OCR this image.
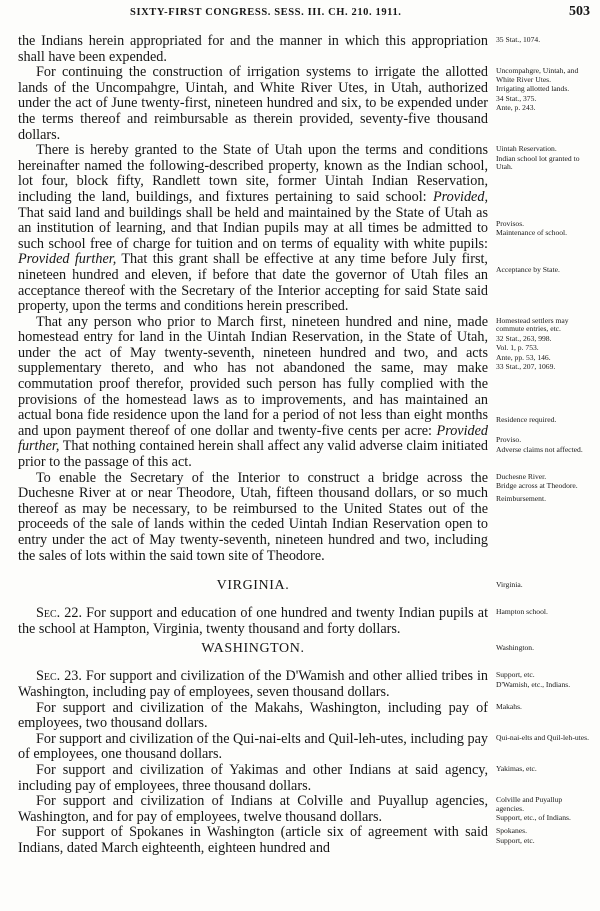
SIXTY-FIRST CONGRESS. SESS. III. CH. 210. 1911.	503

the Indians herein appropriated for and the manner in which this appropriation shall have been expended.

35 Stat., 1074.

For continuing the construction of irrigation systems to irrigate the allotted lands of the Uncompahgre, Uintah, and White River Utes, in Utah, authorized under the act of June twenty-first, nineteen hundred and six, to be expended under the terms thereof and reimbursable as therein provided, seventy-five thousand dollars.

Uncompahgre, Uintah, and White River Utes.
Irrigating allotted lands.
34 Stat., 375.
Ante, p. 243.

There is hereby granted to the State of Utah upon the terms and conditions hereinafter named the following-described property, known as the Indian school, lot four, block fifty, Randlett town site, former Uintah Indian Reservation, including the land, buildings, and fixtures pertaining to said school: Provided, That said land and buildings shall be held and maintained by the State of Utah as an institution of learning, and that Indian pupils may at all times be admitted to such school free of charge for tuition and on terms of equality with white pupils: Provided further, That this grant shall be effective at any time before July first, nineteen hundred and eleven, if before that date the governor of Utah files an acceptance thereof with the Secretary of the Interior accepting for said State said property, upon the terms and conditions herein prescribed.

Uintah Reservation.
Indian school lot granted to Utah.
Provisos.
Maintenance of school.
Acceptance by State.

That any person who prior to March first, nineteen hundred and nine, made homestead entry for land in the Uintah Indian Reservation, in the State of Utah, under the act of May twenty-seventh, nineteen hundred and two, and acts supplementary thereto, and who has not abandoned the same, may make commutation proof therefor, provided such person has fully complied with the provisions of the homestead laws as to improvements, and has maintained an actual bona fide residence upon the land for a period of not less than eight months and upon payment thereof of one dollar and twenty-five cents per acre: Provided further, That nothing contained herein shall affect any valid adverse claim initiated prior to the passage of this act.

Homestead settlers may commute entries, etc.
32 Stat., 263, 998.
Vol. 1, p. 753.
Ante, pp. 53, 146.
33 Stat., 207, 1069.
Residence required.
Proviso.
Adverse claims not affected.

To enable the Secretary of the Interior to construct a bridge across the Duchesne River at or near Theodore, Utah, fifteen thousand dollars, or so much thereof as may be necessary, to be reimbursed to the United States out of the proceeds of the sale of lands within the ceded Uintah Indian Reservation open to entry under the act of May twenty-seventh, nineteen hundred and two, including the sales of lots within the said town site of Theodore.

Duchesne River.
Bridge across at Theodore.
Reimbursement.
VIRGINIA.	Virginia.

Sec. 22. For support and education of one hundred and twenty Indian pupils at the school at Hampton, Virginia, twenty thousand and forty dollars.

Hampton school.
WASHINGTON.	Washington.

Sec. 23. For support and civilization of the D'Wamish and other allied tribes in Washington, including pay of employees, seven thousand dollars.

Support, etc.
D'Wamish, etc., Indians.

For support and civilization of the Makahs, Washington, including pay of employees, two thousand dollars.

Makahs.

For support and civilization of the Qui-nai-elts and Quil-leh-utes, including pay of employees, one thousand dollars.

Qui-nai-elts and Quil-leh-utes.

For support and civilization of Yakimas and other Indians at said agency, including pay of employees, three thousand dollars.

Yakimas, etc.

For support and civilization of Indians at Colville and Puyallup agencies, Washington, and for pay of employees, twelve thousand dollars.

Colville and Puyallup agencies.
Support, etc., of Indians.

For support of Spokanes in Washington (article six of agreement with said Indians, dated March eighteenth, eighteen hundred and

Spokanes.
Support, etc.
